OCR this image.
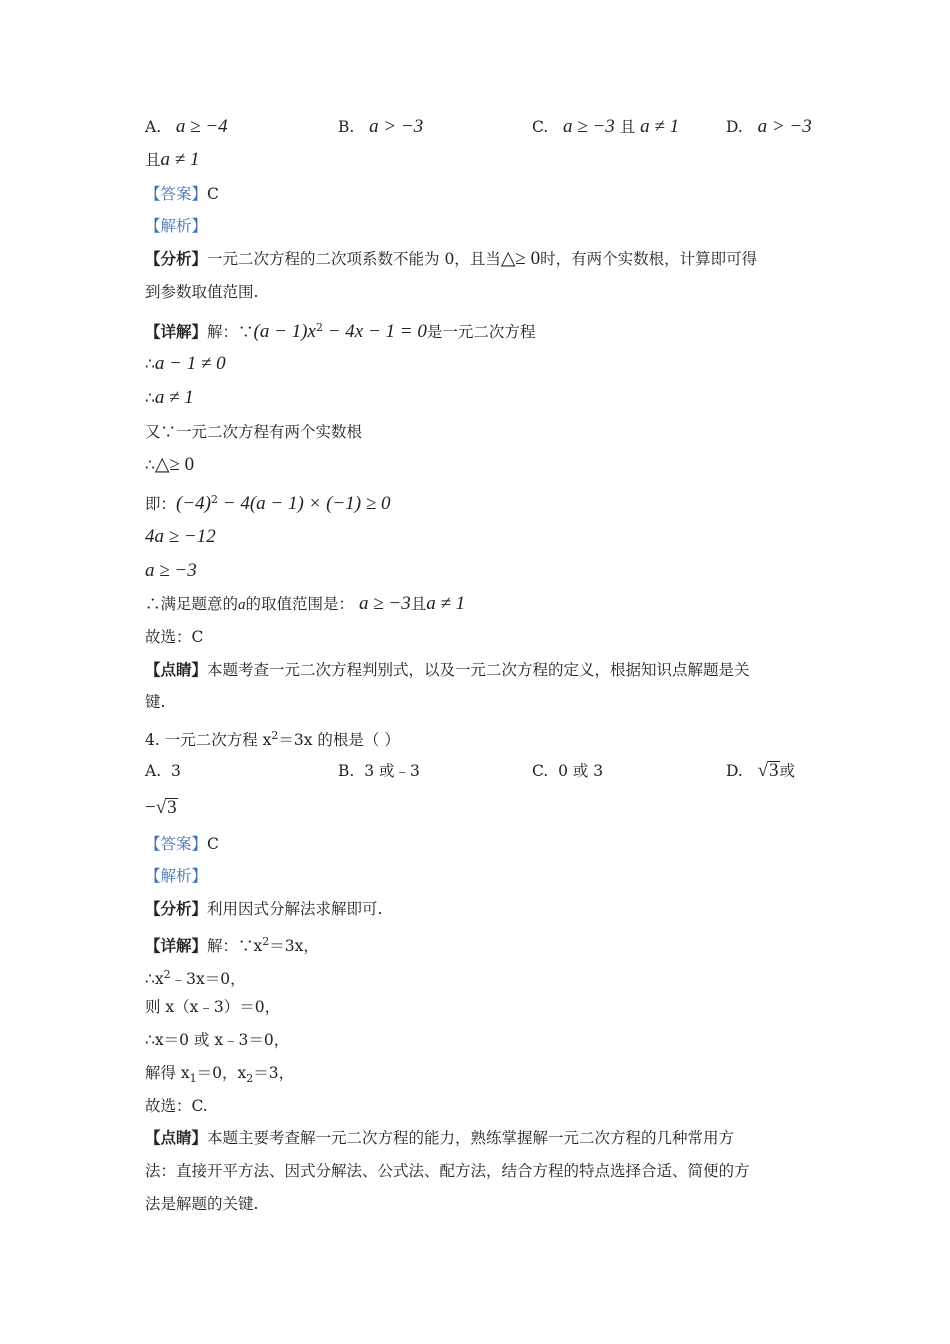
A. a ≥ −4	B. a > −3	C. a ≥ −3 且 a ≠ 1	D. a > −3
且a ≠ 1
【答案】C
【解析】
【分析】一元二次方程的二次项系数不能为 0，且当△≥ 0时，有两个实数根，计算即可得
到参数取值范围.
【详解】解：∵(a − $1)x^2 - 4x - 1 = 0$是一元二次方程
∴a − 1 ≠ 0
∴a ≠ 1
又∵一元二次方程有两个实数根
∴△≥ 0
即：$(-4)^2 - 4(a - 1) \times (-1) \ge 0$
4a ≥ −12
a ≥ −3
∴满足题意的a的取值范围是： a ≥ −3且a ≠ 1
故选：C
【点睛】本题考查一元二次方程判别式，以及一元二次方程的定义，根据知识点解题是关
键.
4. 一元二次方程 $x^2=3x$ 的根是（ ）
A. 3	B. 3 或﹣3	C. 0 或 3	D. √3或
−√3
【答案】C
【解析】
【分析】利用因式分解法求解即可.
【详解】解：$\because x^2=3x$，
$\therefore x^2﹣3x=0$，
则 x（x﹣3）＝0，
∴x＝0 或 x﹣3＝0，
解得 $x_1=0$，$x_2=3$，
故选：C.
【点睛】本题主要考查解一元二次方程的能力，熟练掌握解一元二次方程的几种常用方
法：直接开平方法、因式分解法、公式法、配方法，结合方程的特点选择合适、简便的方
法是解题的关键.
